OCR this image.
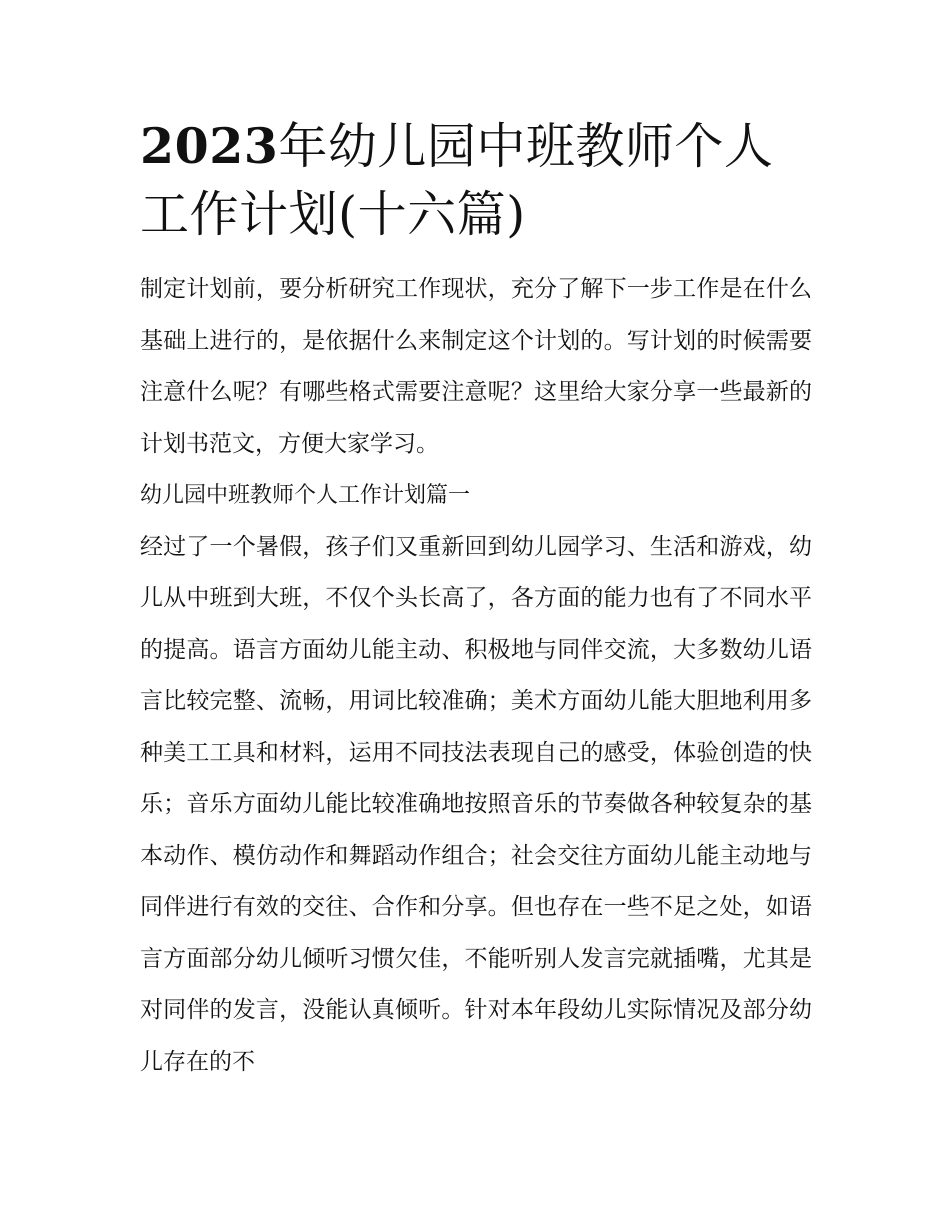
2023年幼儿园中班教师个人工作计划(十六篇)

制定计划前，要分析研究工作现状，充分了解下一步工作是在什么基础上进行的，是依据什么来制定这个计划的。写计划的时候需要注意什么呢？有哪些格式需要注意呢？这里给大家分享一些最新的计划书范文，方便大家学习。

幼儿园中班教师个人工作计划篇一

经过了一个暑假，孩子们又重新回到幼儿园学习、生活和游戏，幼儿从中班到大班，不仅个头长高了，各方面的能力也有了不同水平的提高。语言方面幼儿能主动、积极地与同伴交流，大多数幼儿语言比较完整、流畅，用词比较准确；美术方面幼儿能大胆地利用多种美工工具和材料，运用不同技法表现自己的感受，体验创造的快乐；音乐方面幼儿能比较准确地按照音乐的节奏做各种较复杂的基本动作、模仿动作和舞蹈动作组合；社会交往方面幼儿能主动地与同伴进行有效的交往、合作和分享。但也存在一些不足之处，如语言方面部分幼儿倾听习惯欠佳，不能听别人发言完就插嘴，尤其是对同伴的发言，没能认真倾听。针对本年段幼儿实际情况及部分幼儿存在的不
